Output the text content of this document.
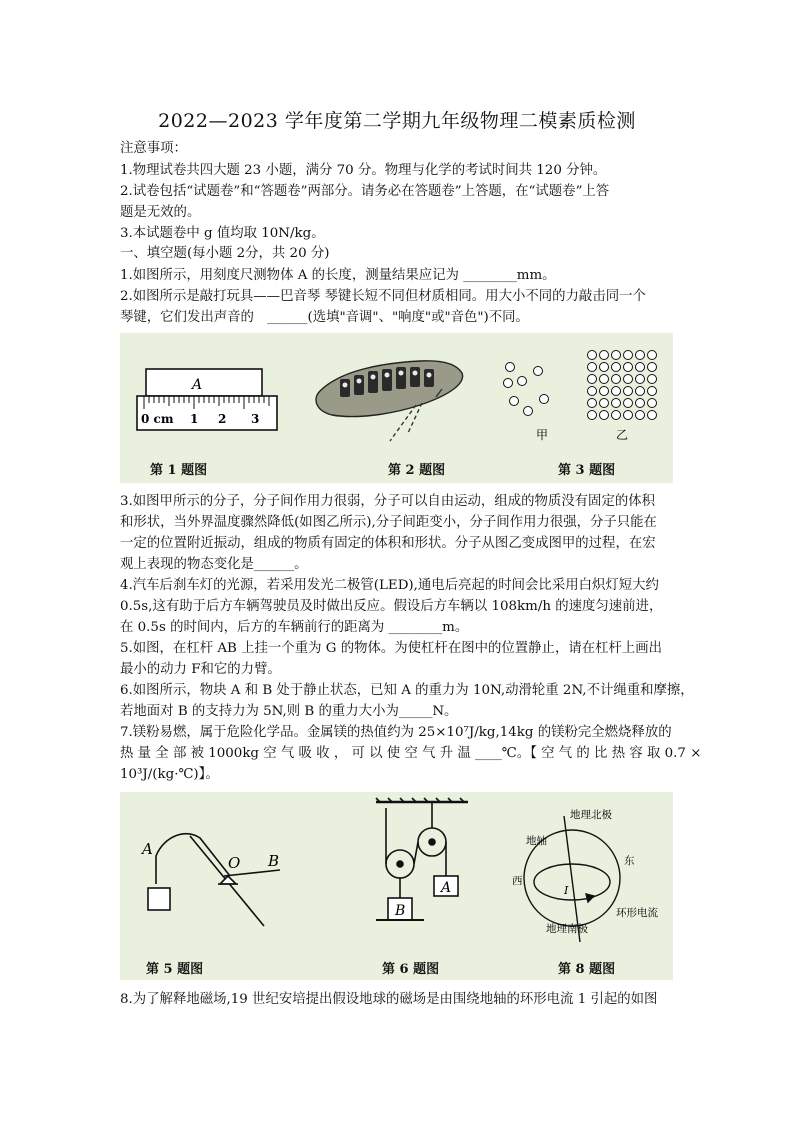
2022—2023 学年度第二学期九年级物理二模素质检测
注意事项：
1.物理试卷共四大题 23 小题，满分 70 分。物理与化学的考试时间共 120 分钟。
2.试卷包括“试题卷”和“答题卷”两部分。请务必在答题卷”上答题，在“试题卷”上答
题是无效的。
3.本试题卷中 g 值均取 10N/kg。
一、填空题(每小题 2分，共 20 分)
1.如图所示，用刻度尺测物体 A 的长度，测量结果应记为 ________mm。
2.如图所示是敲打玩具——巴音琴 琴键长短不同但材质相同。用大小不同的力敲击同一个
琴键，它们发出声音的　______(选填"音调"、"响度"或"音色")不同。
A
0 cm 1 2 3
甲	乙
第 1 题图	第 2 题图	第 3 题图
3.如图甲所示的分子，分子间作用力很弱，分子可以自由运动，组成的物质没有固定的体积
和形状，当外界温度骤然降低(如图乙所示),分子间距变小，分子间作用力很强，分子只能在
一定的位置附近振动，组成的物质有固定的体积和形状。分子从图乙变成图甲的过程，在宏
观上表现的物态变化是______。
4.汽车后刹车灯的光源，若采用发光二极管(LED),通电后亮起的时间会比采用白炽灯短大约
0.5s,这有助于后方车辆驾驶员及时做出反应。假设后方车辆以 108km/h 的速度匀速前进，
在 0.5s 的时间内，后方的车辆前行的距离为 ________m。
5.如图，在杠杆 AB 上挂一个重为 G 的物体。为使杠杆在图中的位置静止，请在杠杆上画出
最小的动力 F和它的力臂。
6.如图所示，物块 A 和 B 处于静止状态，已知 A 的重力为 10N,动滑轮重 2N,不计绳重和摩擦，
若地面对 B 的支持力为 5N,则 B 的重力大小为_____N。
7.镁粉易燃，属于危险化学品。金属镁的热值约为 25×10⁷J/kg,14kg 的镁粉完全燃烧释放的
热 量 全 部 被 1000kg 空 气 吸 收 ， 可 以 使 空 气 升 温 ____℃。【 空 气 的 比 热 容 取 0.7 ×
10³J/(kg·℃)】。
A
O B
A
B
地理北极
地轴
东
西
I
环形电流
地理南极
第 5 题图	第 6 题图	第 8 题图
8.为了解释地磁场,19 世纪安培提出假设地球的磁场是由围绕地轴的环形电流 1 引起的如图
